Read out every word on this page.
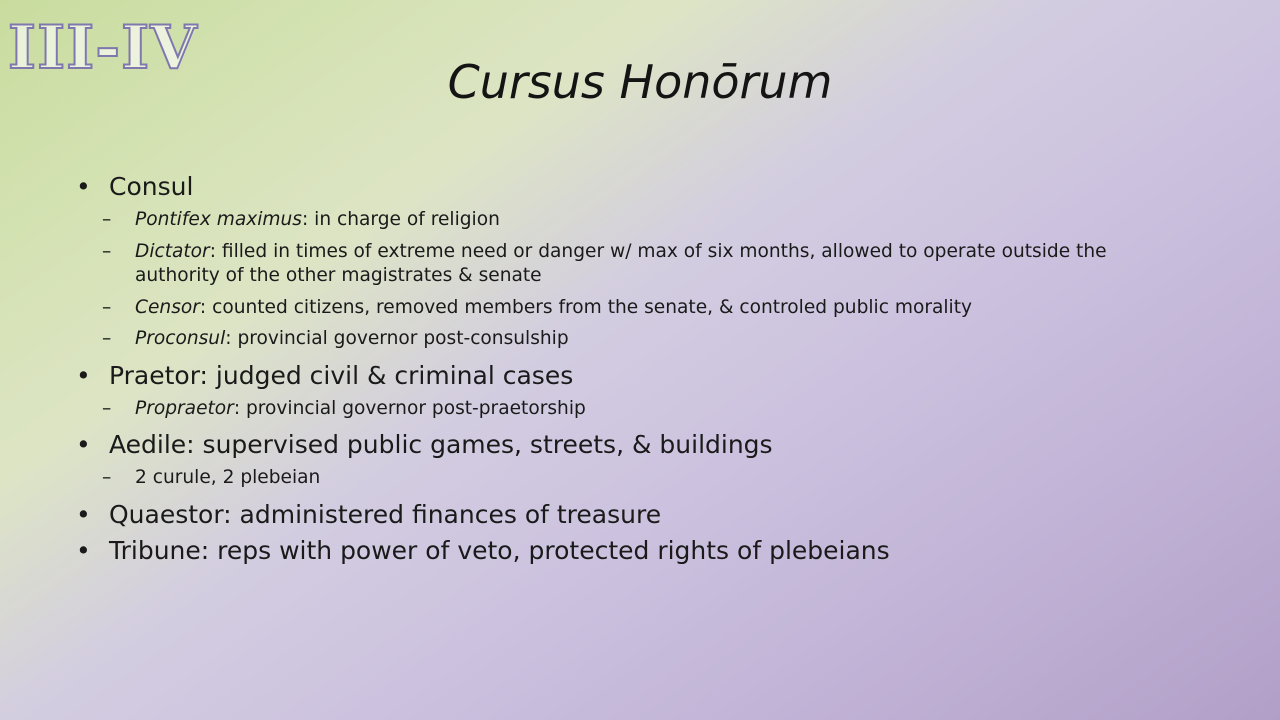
III-IV	Cursus Honōrum
• Consul
– Pontifex maximus: in charge of religion
– Dictator: filled in times of extreme need or danger w/ max of six months, allowed to operate outside the authority of the other magistrates & senate
– Censor: counted citizens, removed members from the senate, & controled public morality
– Proconsul: provincial governor post-consulship
• Praetor: judged civil & criminal cases
– Propraetor: provincial governor post-praetorship
• Aedile: supervised public games, streets, & buildings
– 2 curule, 2 plebeian
• Quaestor: administered finances of treasure
• Tribune: reps with power of veto, protected rights of plebeians
